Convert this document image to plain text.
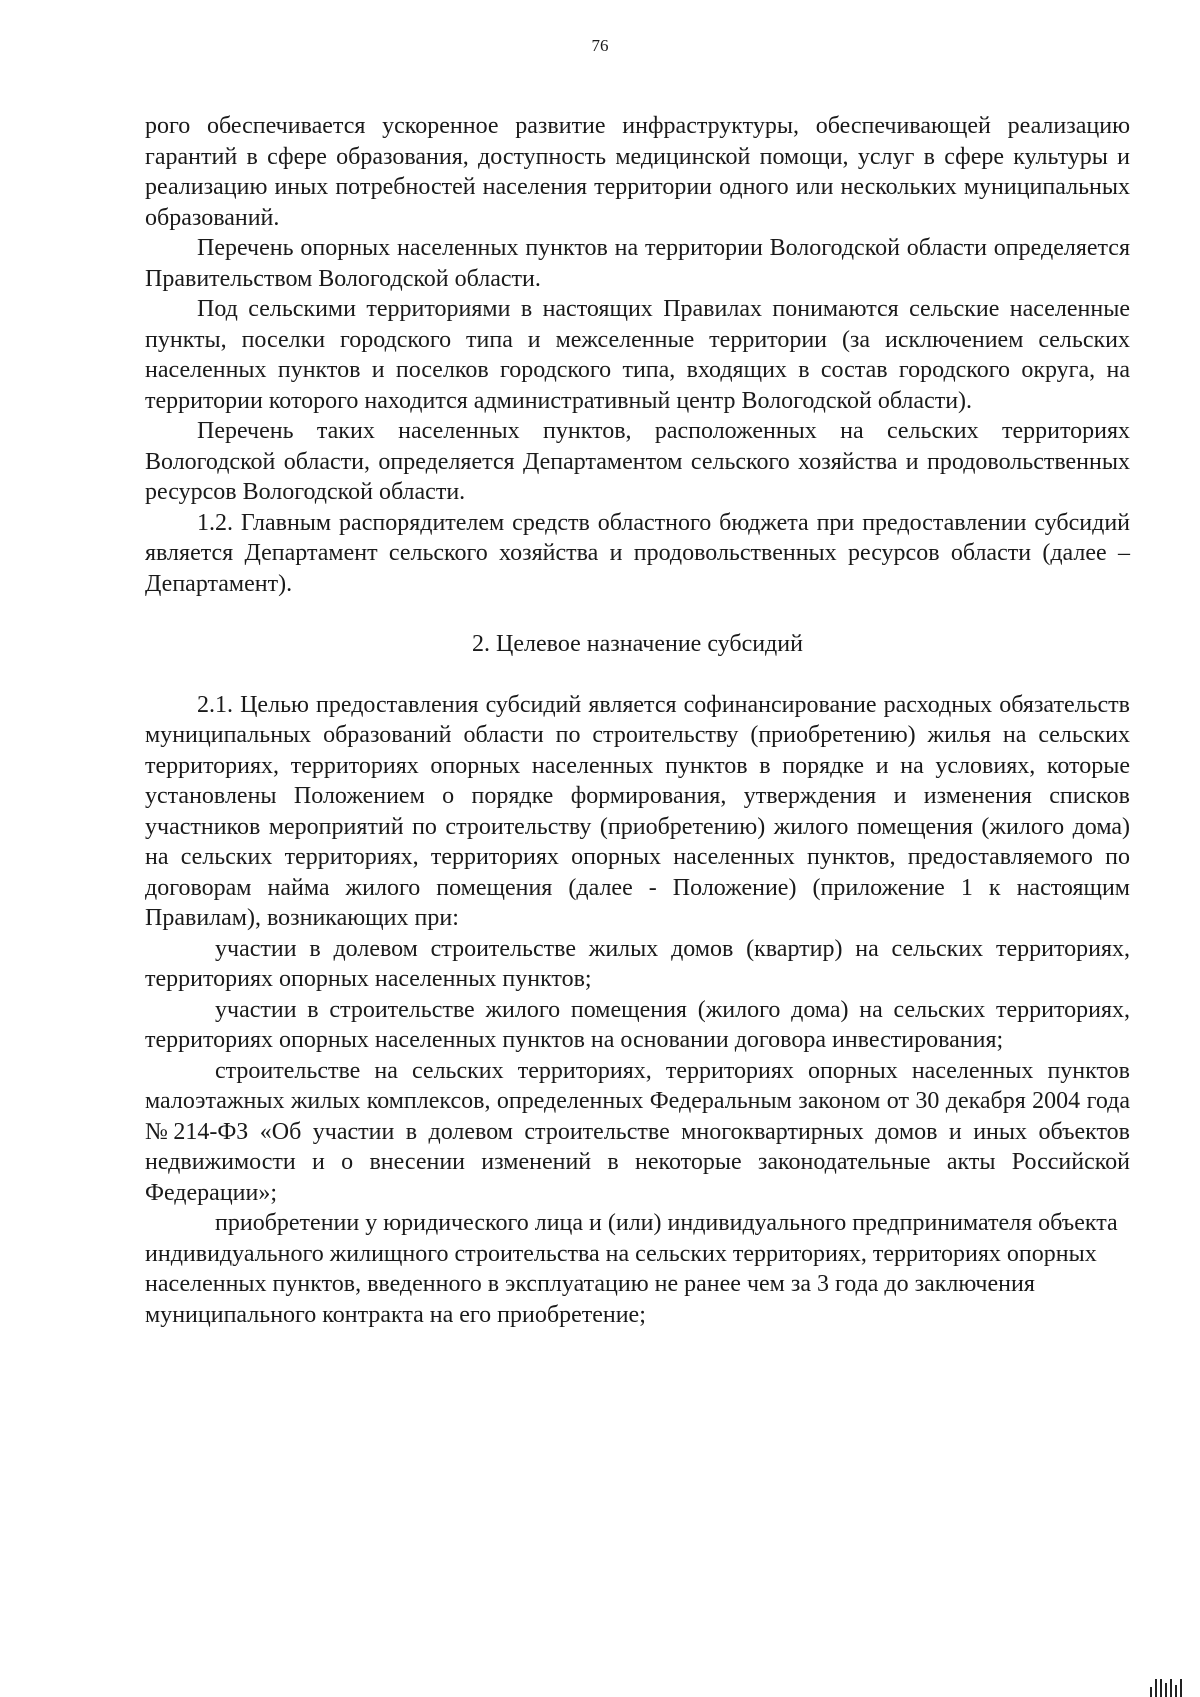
76

рого обеспечивается ускоренное развитие инфраструктуры, обеспечивающей реализацию гарантий в сфере образования, доступность медицинской помощи, услуг в сфере культуры и реализацию иных потребностей населения территории одного или нескольких муниципальных образований.

Перечень опорных населенных пунктов на территории Вологодской области определяется Правительством Вологодской области.

Под сельскими территориями в настоящих Правилах понимаются сельские населенные пункты, поселки городского типа и межселенные территории (за исключением сельских населенных пунктов и поселков городского типа, входящих в состав городского округа, на территории которого находится административный центр Вологодской области).

Перечень таких населенных пунктов, расположенных на сельских территориях Вологодской области, определяется Департаментом сельского хозяйства и продовольственных ресурсов Вологодской области.

1.2. Главным распорядителем средств областного бюджета при предоставлении субсидий является Департамент сельского хозяйства и продовольственных ресурсов области (далее – Департамент).

2. Целевое назначение субсидий

2.1. Целью предоставления субсидий является софинансирование расходных обязательств муниципальных образований области по строительству (приобретению) жилья на сельских территориях, территориях опорных населенных пунктов в порядке и на условиях, которые установлены Положением о порядке формирования, утверждения и изменения списков участников мероприятий по строительству (приобретению) жилого помещения (жилого дома) на сельских территориях, территориях опорных населенных пунктов, предоставляемого по договорам найма жилого помещения (далее - Положение) (приложение 1 к настоящим Правилам), возникающих при:

участии в долевом строительстве жилых домов (квартир) на сельских территориях, территориях опорных населенных пунктов;

участии в строительстве жилого помещения (жилого дома) на сельских территориях, территориях опорных населенных пунктов на основании договора инвестирования;

строительстве на сельских территориях, территориях опорных населенных пунктов малоэтажных жилых комплексов, определенных Федеральным законом от 30 декабря 2004 года №214-ФЗ «Об участии в долевом строительстве многоквартирных домов и иных объектов недвижимости и о внесении изменений в некоторые законодательные акты Российской Федерации»;

приобретении у юридического лица и (или) индивидуального предпринимателя объекта индивидуального жилищного строительства на сельских территориях, территориях опорных населенных пунктов, введенного в эксплуатацию не ранее чем за 3 года до заключения муниципального контракта на его приобретение;
